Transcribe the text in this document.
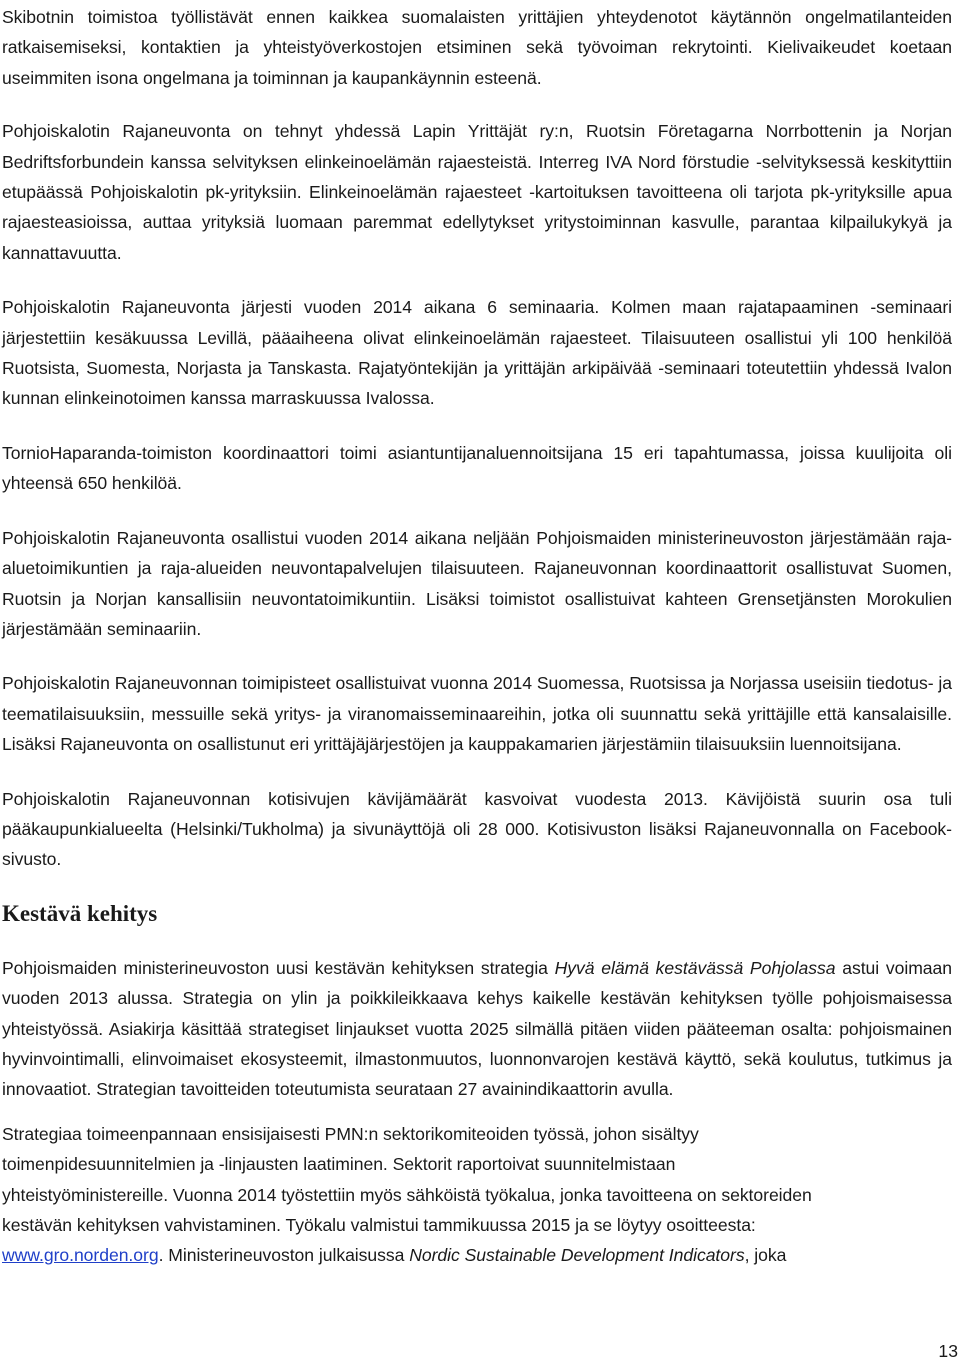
Skibotnin toimistoa työllistävät ennen kaikkea suomalaisten yrittäjien yhteydenotot käytännön ongelmatilanteiden ratkaisemiseksi, kontaktien ja yhteistyöverkostojen etsiminen sekä työvoiman rekrytointi. Kielivaikeudet koetaan useimmiten isona ongelmana ja toiminnan ja kaupankäynnin esteenä.

Pohjoiskalotin Rajaneuvonta on tehnyt yhdessä Lapin Yrittäjät ry:n, Ruotsin Företagarna Norrbottenin ja Norjan Bedriftsforbundein kanssa selvityksen elinkeinoelämän rajaesteistä. Interreg IVA Nord förstudie -selvityksessä keskityttiin etupäässä Pohjoiskalotin pk-yrityksiin. Elinkeinoelämän rajaesteet -kartoituksen tavoitteena oli tarjota pk-yrityksille apua rajaesteasioissa, auttaa yrityksiä luomaan paremmat edellytykset yritystoiminnan kasvulle, parantaa kilpailukykyä ja kannattavuutta.

Pohjoiskalotin Rajaneuvonta järjesti vuoden 2014 aikana 6 seminaaria. Kolmen maan rajatapaaminen -seminaari järjestettiin kesäkuussa Levillä, pääaiheena olivat elinkeinoelämän rajaesteet. Tilaisuuteen osallistui yli 100 henkilöä Ruotsista, Suomesta, Norjasta ja Tanskasta. Rajatyöntekijän ja yrittäjän arkipäivää -seminaari toteutettiin yhdessä Ivalon kunnan elinkeinotoimen kanssa marraskuussa Ivalossa.

TornioHaparanda-toimiston koordinaattori toimi asiantuntijanaluennoitsijana 15 eri tapahtumassa, joissa kuulijoita oli yhteensä 650 henkilöä.

Pohjoiskalotin Rajaneuvonta osallistui vuoden 2014 aikana neljään Pohjoismaiden ministerineuvoston järjestämään raja-aluetoimikuntien ja raja-alueiden neuvontapalvelujen tilaisuuteen. Rajaneuvonnan koordinaattorit osallistuvat Suomen, Ruotsin ja Norjan kansallisiin neuvontatoimikuntiin. Lisäksi toimistot osallistuivat kahteen Grensetjänsten Morokulien järjestämään seminaariin.

Pohjoiskalotin Rajaneuvonnan toimipisteet osallistuivat vuonna 2014 Suomessa, Ruotsissa ja Norjassa useisiin tiedotus- ja teematilaisuuksiin, messuille sekä yritys- ja viranomaisseminaareihin, jotka oli suunnattu sekä yrittäjille että kansalaisille. Lisäksi Rajaneuvonta on osallistunut eri yrittäjäjärjestöjen ja kauppakamarien järjestämiin tilaisuuksiin luennoitsijana.

Pohjoiskalotin Rajaneuvonnan kotisivujen kävijämäärät kasvoivat vuodesta 2013. Kävijöistä suurin osa tuli pääkaupunkialueelta (Helsinki/Tukholma) ja sivunäyttöjä oli 28 000. Kotisivuston lisäksi Rajaneuvonnalla on Facebook-sivusto.

Kestävä kehitys

Pohjoismaiden ministerineuvoston uusi kestävän kehityksen strategia Hyvä elämä kestävässä Pohjolassa astui voimaan vuoden 2013 alussa. Strategia on ylin ja poikkileikkaava kehys kaikelle kestävän kehityksen työlle pohjoismaisessa yhteistyössä. Asiakirja käsittää strategiset linjaukset vuotta 2025 silmällä pitäen viiden pääteeman osalta: pohjoismainen hyvinvointimalli, elinvoimaiset ekosysteemit, ilmastonmuutos, luonnonvarojen kestävä käyttö, sekä koulutus, tutkimus ja innovaatiot. Strategian tavoitteiden toteutumista seurataan 27 avainindikaattorin avulla.

Strategiaa toimeenpannaan ensisijaisesti PMN:n sektorikomiteoiden työssä, johon sisältyy
toimenpidesuunnitelmien ja -linjausten laatiminen. Sektorit raportoivat suunnitelmistaan
yhteistyöministereille. Vuonna 2014 työstettiin myös sähköistä työkalua, jonka tavoitteena on sektoreiden
kestävän kehityksen vahvistaminen. Työkalu valmistui tammikuussa 2015 ja se löytyy osoitteesta:
www.gro.norden.org. Ministerineuvoston julkaisussa Nordic Sustainable Development Indicators, joka

13
